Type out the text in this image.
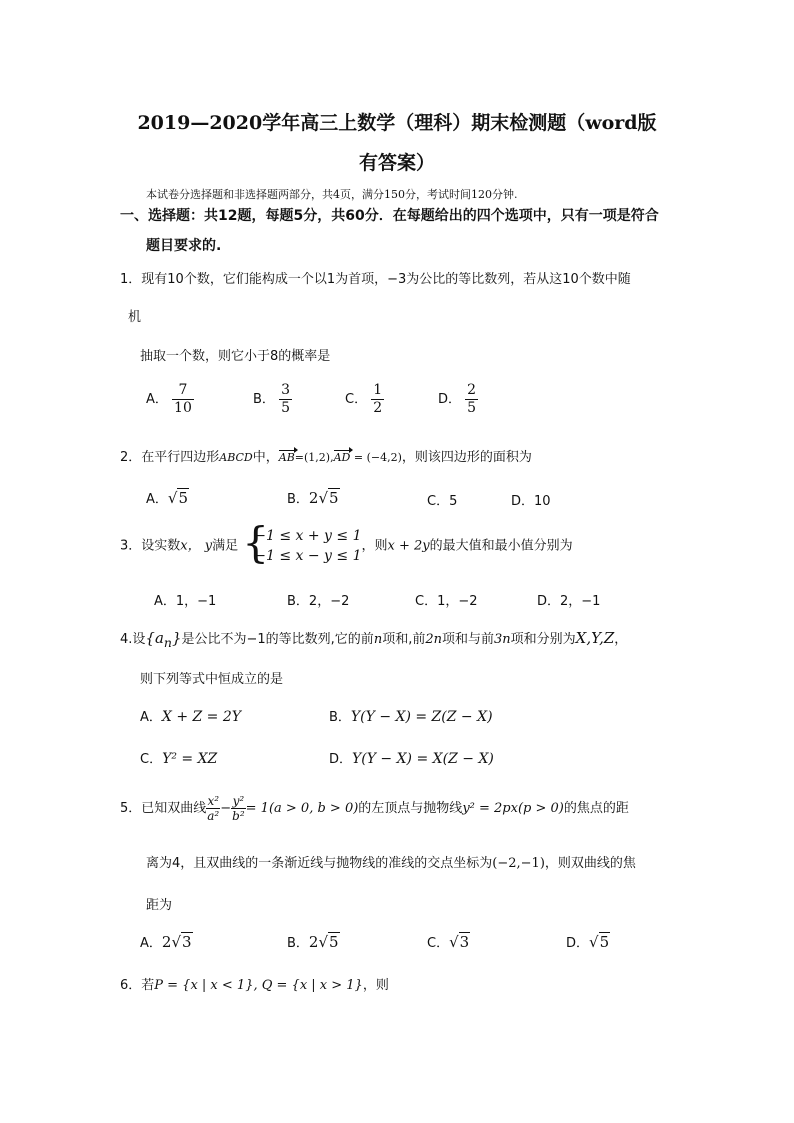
2019—2020学年高三上数学（理科）期末检测题（word版
有答案）
本试卷分选择题和非选择题两部分，共4页，满分150分，考试时间120分钟.
一、选择题：共12题，每题5分，共60分．在每题给出的四个选项中，只有一项是符合
题目要求的.
1．现有10个数，它们能构成一个以1为首项，−3为公比的等比数列，若从这10个数中随
机
抽取一个数，则它小于8的概率是
A． $\frac{7}{10}$	B． $\frac{3}{5}$	C． $\frac{1}{2}$	D． $\frac{2}{5}$
2．在平行四边形ABCD中，AB=(1,2),AD = (−4,2)，则该四边形的面积为
A．√5	B．2√5	C．5	D．10
3．设实数x， y满足 {
−1 ≤ x + y ≤ 1
−1 ≤ x − y ≤ 1
，则x + 2y的最大值和最小值分别为
A．1，−1	B．2，−2	C．1，−2	D．2，−1
4.设$\{a_n\}$是公比不为−1的等比数列,它的前n项和,前2n项和与前3n项和分别为X,Y,Z，
则下列等式中恒成立的是
A．X + Z = 2Y	B．Y(Y − X) = Z(Z − X)
C．Y² = XZ	D．Y(Y − X) = X(Z − X)
5．已知双曲线 $\frac{\text{x²}}{\text{a²}} - \frac{\text{y²}}{\text{b²}} = 1(a > 0$, b > 0)的左顶点与抛物线y² = 2px(p > 0)的焦点的距
离为4，且双曲线的一条渐近线与抛物线的准线的交点坐标为(−2,−1)，则双曲线的焦
距为
A．2√3	B．2√5	C．√3	D．√5
6．若P = {x | x < 1}, Q = {x | x > 1}，则
